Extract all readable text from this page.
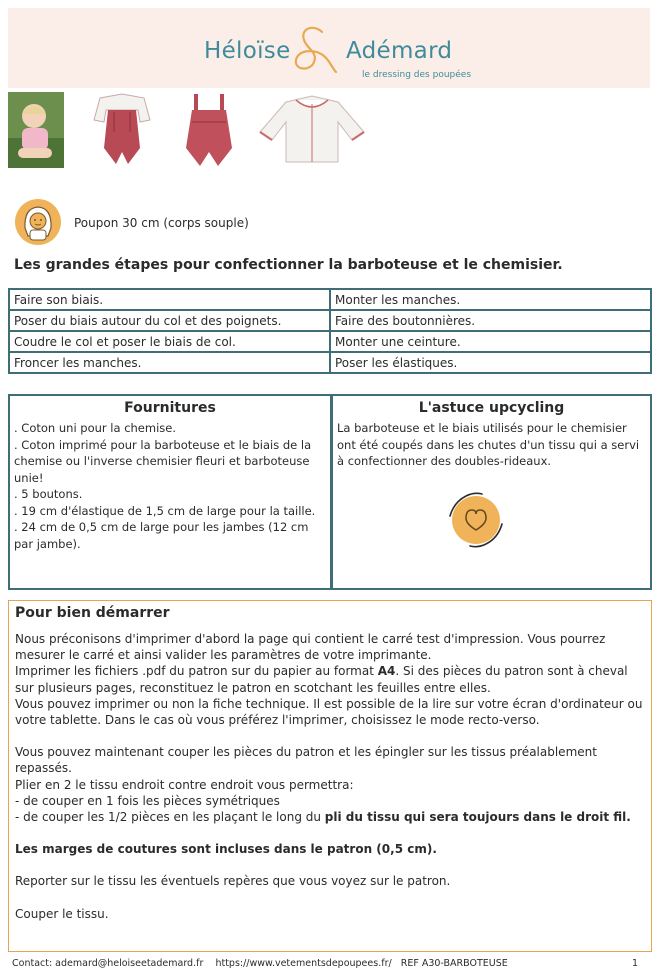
Héloïse Adémard
le dressing des poupées
Poupon 30 cm (corps souple)
Les grandes étapes pour confectionner la barboteuse et le chemisier.
Faire son biais.	Monter les manches.
Poser du biais autour du col et des poignets.	Faire des boutonnières.
Coudre le col et poser le biais de col.	Monter une ceinture.
Froncer les manches.	Poser les élastiques.
Fournitures

. Coton uni pour la chemise.

. Coton imprimé pour la barboteuse et le biais de la chemise ou l'inverse chemisier fleuri et barboteuse unie!

. 5 boutons.

. 19 cm d'élastique de 1,5 cm de large pour la taille.

. 24 cm de 0,5 cm de large pour les jambes (12 cm par jambe).

L'astuce upcycling
La barboteuse et le biais utilisés pour le chemisier ont été coupés dans les chutes d'un tissu qui a servi à confectionner des doubles-rideaux.
Pour bien démarrer

Nous préconisons d'imprimer d'abord la page qui contient le carré test d'impression. Vous pourrez mesurer le carré et ainsi valider les paramètres de votre imprimante.

Imprimer les fichiers .pdf du patron sur du papier au format A4. Si des pièces du patron sont à cheval sur plusieurs pages, reconstituez le patron en scotchant les feuilles entre elles.

Vous pouvez imprimer ou non la fiche technique. Il est possible de la lire sur votre écran d'ordinateur ou votre tablette. Dans le cas où vous préférez l'imprimer, choisissez le mode recto-verso.

Vous pouvez maintenant couper les pièces du patron et les épingler sur les tissus préalablement repassés.

Plier en 2 le tissu endroit contre endroit vous permettra:

- de couper en 1 fois les pièces symétriques

- de couper les 1/2 pièces en les plaçant le long du pli du tissu qui sera toujours dans le droit fil.

Les marges de coutures sont incluses dans le patron (0,5 cm).

Reporter sur le tissu les éventuels repères que vous voyez sur le patron.

Couper le tissu.

Contact: ademard@heloiseetademard.fr https://www.vetementsdepoupees.fr/ REF A30-BARBOTEUSE	1
